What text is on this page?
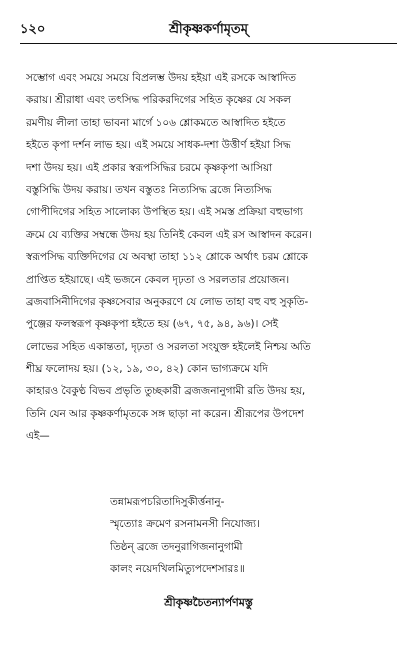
১২০	শ্রীকৃষ্ণকর্ণামৃতম্
সম্ভোগ এবং সময়ে সময়ে বিপ্রলম্ভ উদয় হইয়া এই রসকে আস্বাদিত
করায়। শ্রীরাধা এবং তৎসিদ্ধ পরিকরদিগের সহিত কৃষ্ণের যে সকল
রমণীয় লীলা তাহা ভাবনা মার্গে ১০৬ শ্লোকমতে আস্বাদিত হইতে
হইতে কৃপা দর্শন লাভ হয়। এই সময়ে সাধক-দশা উত্তীর্ণ হইয়া সিদ্ধ
দশা উদয় হয়। এই প্রকার স্বরূপসিদ্ধির চরমে কৃষ্ণকৃপা আসিয়া
বস্তুসিদ্ধি উদয় করায়। তখন বস্তুতঃ নিত্যসিদ্ধ ব্রজে নিত্যসিদ্ধ
গোপীদিগের সহিত সালোক্য উপস্থিত হয়। এই সমস্ত প্রক্রিয়া বহুভাগ্য
ক্রমে যে ব্যক্তির সম্বন্ধে উদয় হয় তিনিই কেবল এই রস আস্বাদন করেন।
স্বরূপসিদ্ধ ব্যক্তিদিগের যে অবস্থা তাহা ১১২ শ্লোকে অর্থাৎ চরম শ্লোকে
প্রাপ্তিত হইয়াছে। এই ভজনে কেবল দৃঢ়তা ও সরলতার প্রয়োজন।
ব্রজবাসিনীদিগের কৃষ্ণসেবার অনুকরণে যে লোভ তাহা বহু বহু সুকৃতি-
পুঞ্জের ফলস্বরূপ কৃষ্ণকৃপা হইতে হয় (৬৭, ৭৫, ৯৪, ৯৬)। সেই
লোভের সহিত একান্ততা, দৃঢ়তা ও সরলতা সংযুক্ত হইলেই নিশ্চয় অতি
শীঘ্র ফলোদয় হয়। (১২, ১৯, ৩০, ৪২) কোন ভাগ্যক্রমে যদি
কাহারও বৈকুণ্ঠ বিভব প্রভৃতি তুচ্ছকারী ব্রজজনানুগামী রতি উদয় হয়,
তিনি যেন আর কৃষ্ণকর্ণামৃতকে সঙ্গ ছাড়া না করেন। শ্রীরূপের উপদেশ
এই—
তন্নামরূপচরিতাদিসুকীর্ত্তনানু-
স্মৃত্যোঃ ক্রমেণ রসনামনসী নিযোজ্য।
তিষ্ঠন্ ব্রজে তদনুরাগিজনানুগামী
কালং নয়েদখিলমিত্যুপদেশসারঃ॥
শ্রীকৃষ্ণচৈতন্যার্পণমস্তু
